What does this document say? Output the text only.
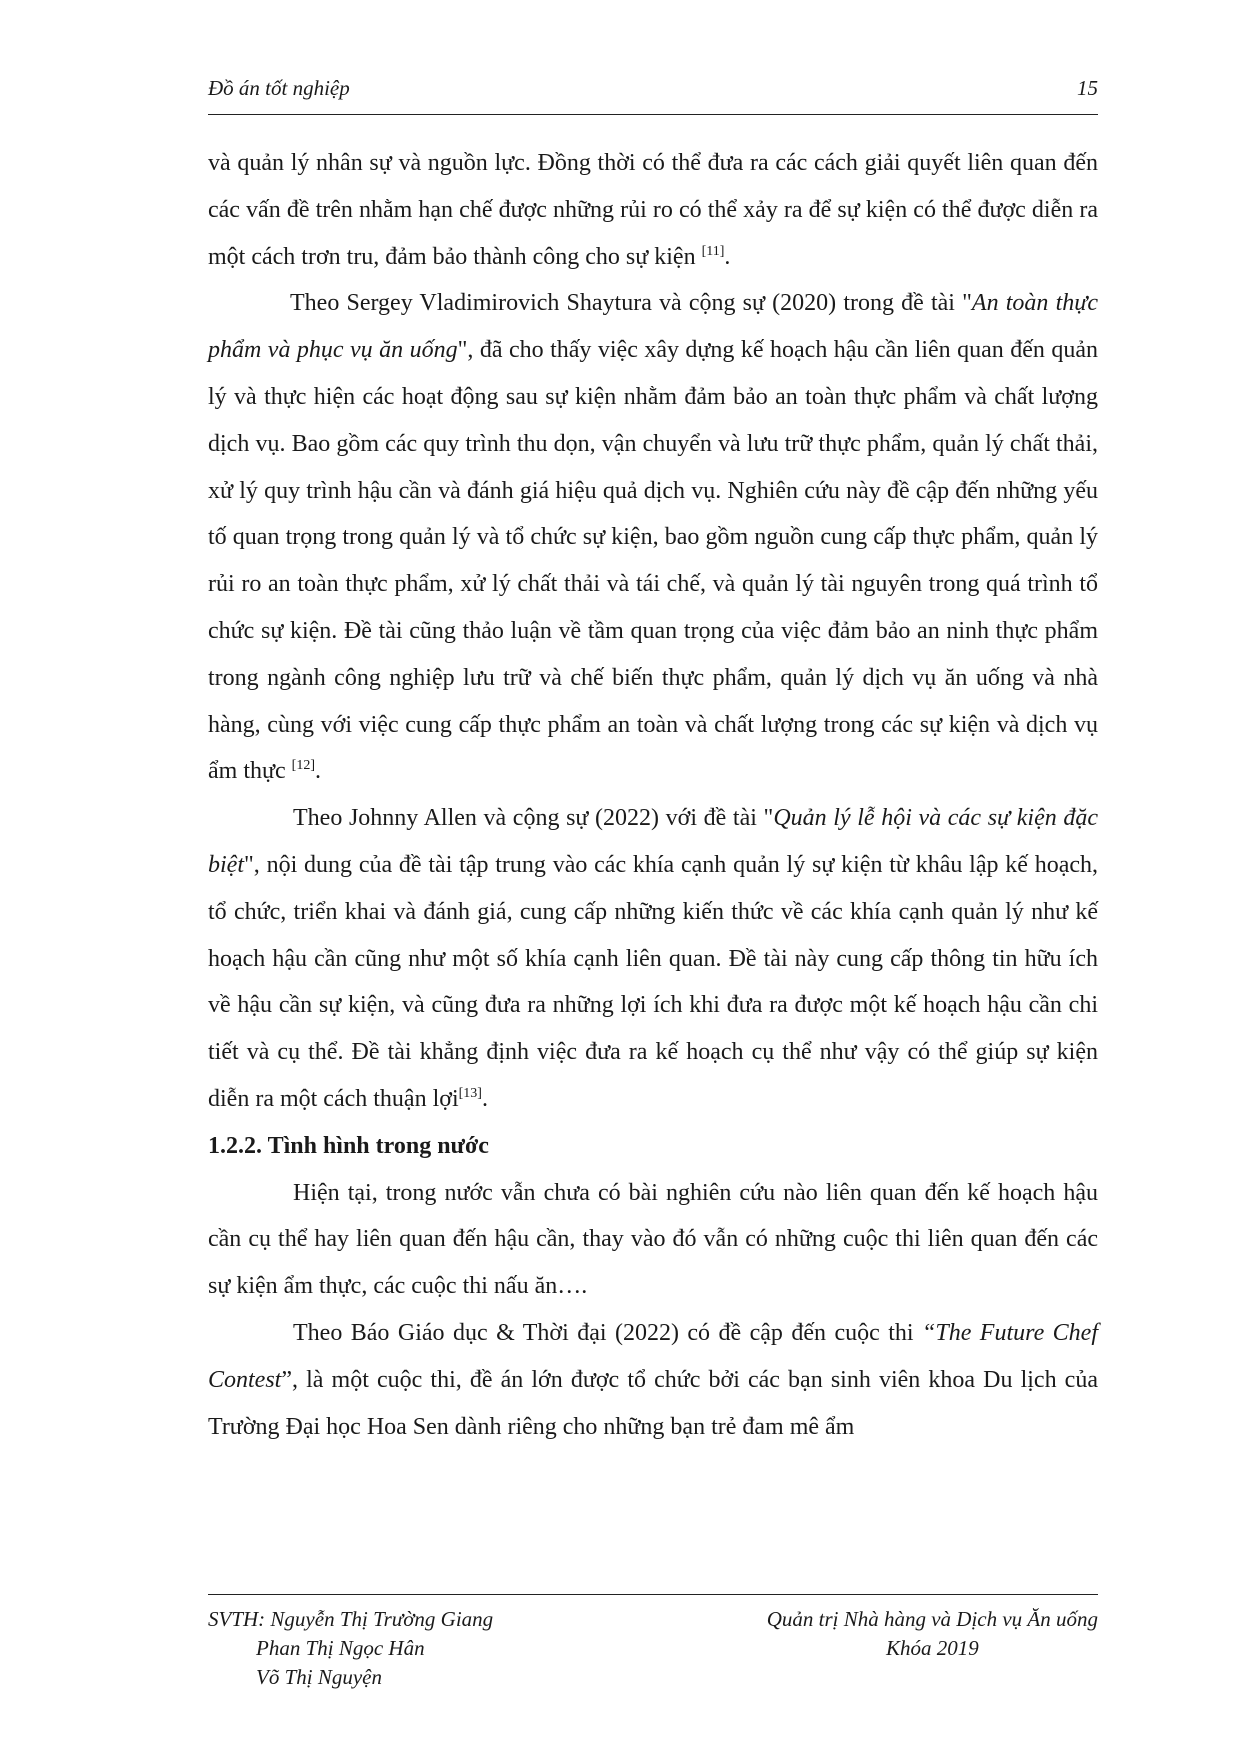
Đồ án tốt nghiệp	15

và quản lý nhân sự và nguồn lực. Đồng thời có thể đưa ra các cách giải quyết liên quan đến các vấn đề trên nhằm hạn chế được những rủi ro có thể xảy ra để sự kiện có thể được diễn ra một cách trơn tru, đảm bảo thành công cho sự kiện [11].

Theo Sergey Vladimirovich Shaytura và cộng sự (2020) trong đề tài "An toàn thực phẩm và phục vụ ăn uống", đã cho thấy việc xây dựng kế hoạch hậu cần liên quan đến quản lý và thực hiện các hoạt động sau sự kiện nhằm đảm bảo an toàn thực phẩm và chất lượng dịch vụ. Bao gồm các quy trình thu dọn, vận chuyển và lưu trữ thực phẩm, quản lý chất thải, xử lý quy trình hậu cần và đánh giá hiệu quả dịch vụ. Nghiên cứu này đề cập đến những yếu tố quan trọng trong quản lý và tổ chức sự kiện, bao gồm nguồn cung cấp thực phẩm, quản lý rủi ro an toàn thực phẩm, xử lý chất thải và tái chế, và quản lý tài nguyên trong quá trình tổ chức sự kiện. Đề tài cũng thảo luận về tầm quan trọng của việc đảm bảo an ninh thực phẩm trong ngành công nghiệp lưu trữ và chế biến thực phẩm, quản lý dịch vụ ăn uống và nhà hàng, cùng với việc cung cấp thực phẩm an toàn và chất lượng trong các sự kiện và dịch vụ ẩm thực [12].

Theo Johnny Allen và cộng sự (2022) với đề tài "Quản lý lễ hội và các sự kiện đặc biệt", nội dung của đề tài tập trung vào các khía cạnh quản lý sự kiện từ khâu lập kế hoạch, tổ chức, triển khai và đánh giá, cung cấp những kiến thức về các khía cạnh quản lý như kế hoạch hậu cần cũng như một số khía cạnh liên quan. Đề tài này cung cấp thông tin hữu ích về hậu cần sự kiện, và cũng đưa ra những lợi ích khi đưa ra được một kế hoạch hậu cần chi tiết và cụ thể. Đề tài khẳng định việc đưa ra kế hoạch cụ thể như vậy có thể giúp sự kiện diễn ra một cách thuận lợi[13].

1.2.2. Tình hình trong nước

Hiện tại, trong nước vẫn chưa có bài nghiên cứu nào liên quan đến kế hoạch hậu cần cụ thể hay liên quan đến hậu cần, thay vào đó vẫn có những cuộc thi liên quan đến các sự kiện ẩm thực, các cuộc thi nấu ăn….

Theo Báo Giáo dục & Thời đại (2022) có đề cập đến cuộc thi “The Future Chef Contest”, là một cuộc thi, đề án lớn được tổ chức bởi các bạn sinh viên khoa Du lịch của Trường Đại học Hoa Sen dành riêng cho những bạn trẻ đam mê ẩm

SVTH: Nguyễn Thị Trường Giang
Phan Thị Ngọc Hân
Võ Thị Nguyện
Quản trị Nhà hàng và Dịch vụ Ăn uống
Khóa 2019
